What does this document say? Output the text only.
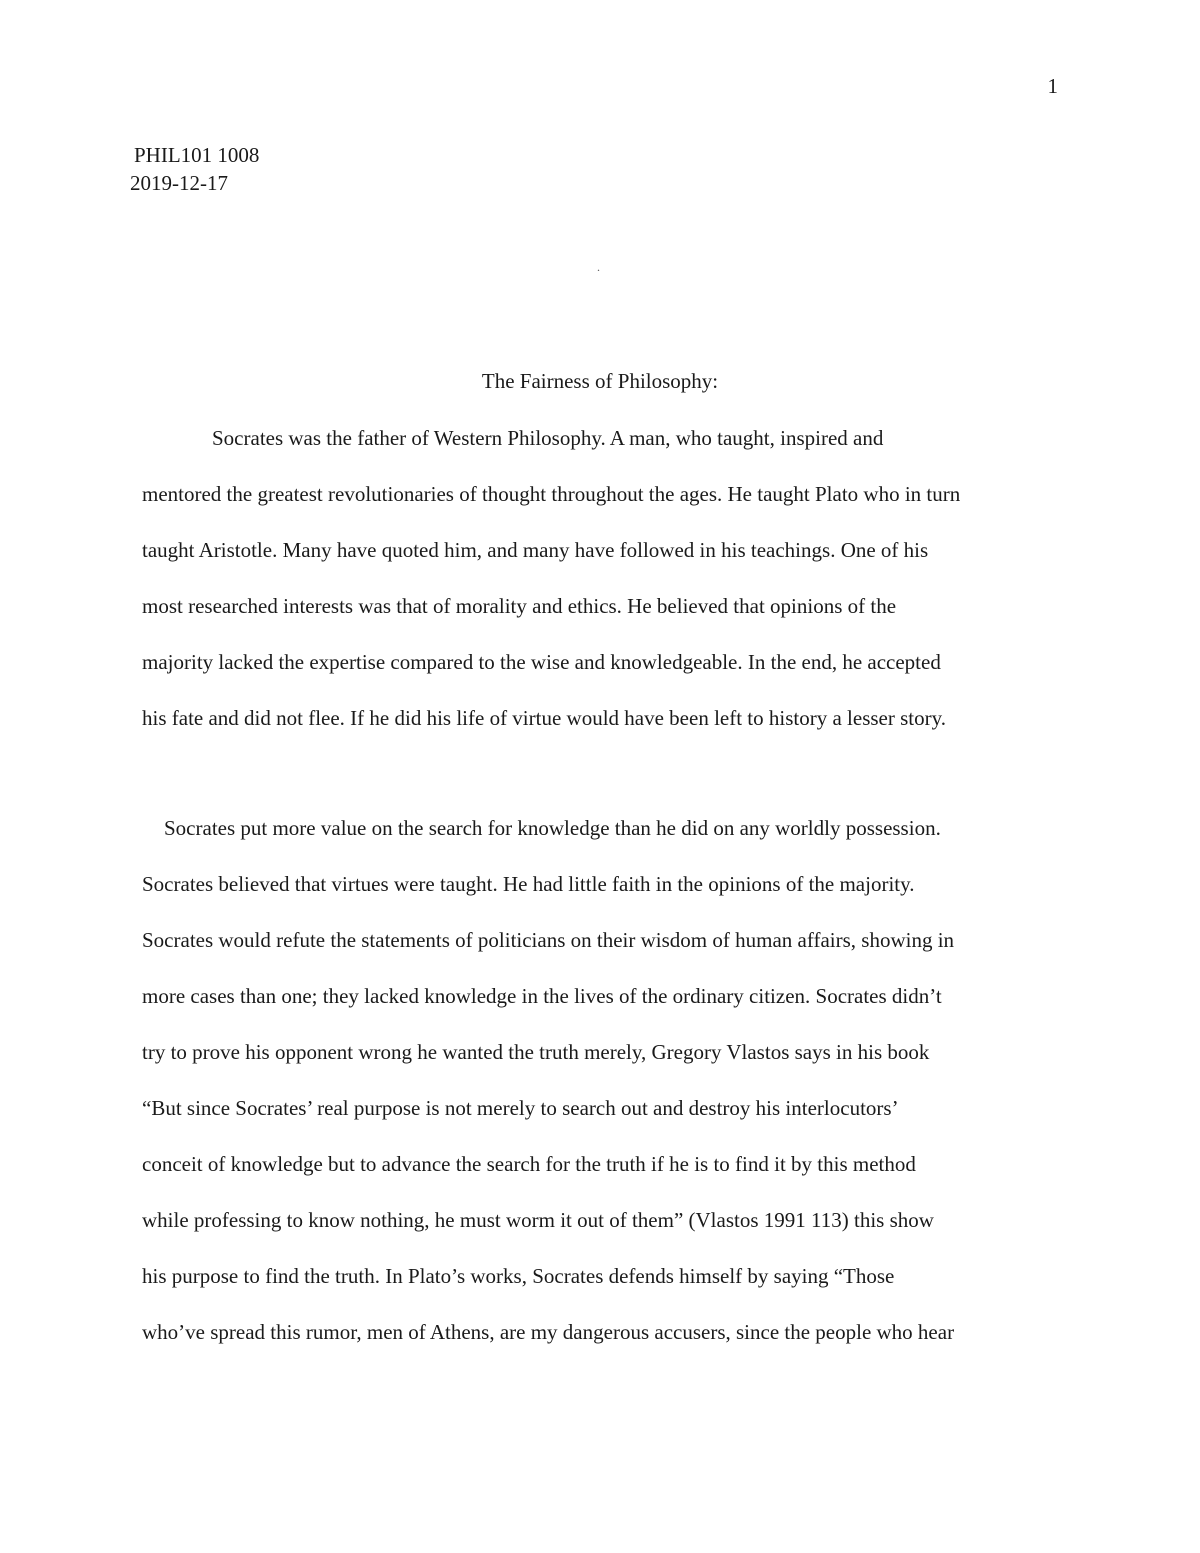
1
PHIL101 1008
2019-12-17
.
The Fairness of Philosophy:
Socrates was the father of Western Philosophy. A man, who taught, inspired and
mentored the greatest revolutionaries of thought throughout the ages. He taught Plato who in turn
taught Aristotle. Many have quoted him, and many have followed in his teachings. One of his
most researched interests was that of morality and ethics. He believed that opinions of the
majority lacked the expertise compared to the wise and knowledgeable. In the end, he accepted
his fate and did not flee. If he did his life of virtue would have been left to history a lesser story.
Socrates put more value on the search for knowledge than he did on any worldly possession.
Socrates believed that virtues were taught. He had little faith in the opinions of the majority.
Socrates would refute the statements of politicians on their wisdom of human affairs, showing in
more cases than one; they lacked knowledge in the lives of the ordinary citizen. Socrates didn’t
try to prove his opponent wrong he wanted the truth merely, Gregory Vlastos says in his book
“But since Socrates’ real purpose is not merely to search out and destroy his interlocutors’
conceit of knowledge but to advance the search for the truth if he is to find it by this method
while professing to know nothing, he must worm it out of them” (Vlastos 1991 113) this show
his purpose to find the truth. In Plato’s works, Socrates defends himself by saying “Those
who’ve spread this rumor, men of Athens, are my dangerous accusers, since the people who hear
